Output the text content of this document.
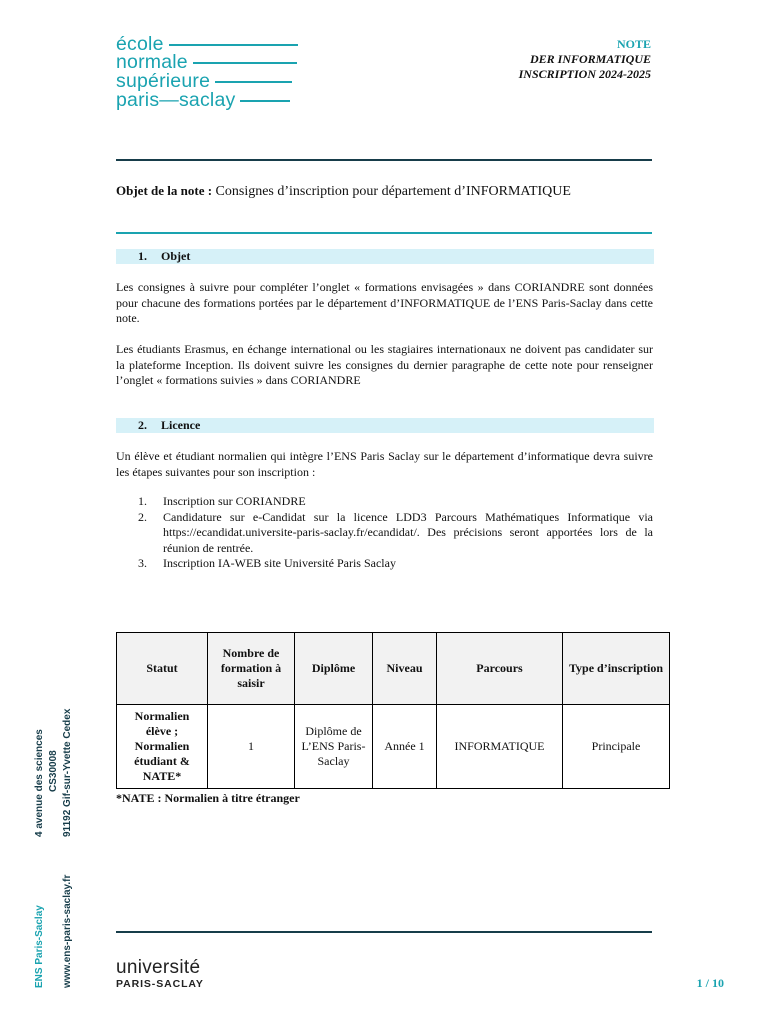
école
normale
supérieure
paris—saclay
NOTE
DER INFORMATIQUE
INSCRIPTION 2024-2025
Objet de la note : Consignes d’inscription pour département d’INFORMATIQUE
1. Objet
Les consignes à suivre pour compléter l’onglet « formations envisagées » dans CORIANDRE sont données pour chacune des formations portées par le département d’INFORMATIQUE de l’ENS Paris-Saclay dans cette note.
Les étudiants Erasmus, en échange international ou les stagiaires internationaux ne doivent pas candidater sur la plateforme Inception. Ils doivent suivre les consignes du dernier paragraphe de cette note pour renseigner l’onglet « formations suivies » dans CORIANDRE
2. Licence
Un élève et étudiant normalien qui intègre l’ENS Paris Saclay sur le département d’informatique devra suivre les étapes suivantes pour son inscription :
1. Inscription sur CORIANDRE
2. Candidature sur e-Candidat sur la licence LDD3 Parcours Mathématiques Informatique via https://ecandidat.universite-paris-saclay.fr/ecandidat/. Des précisions seront apportées lors de la réunion de rentrée.
3. Inscription IA-WEB site Université Paris Saclay
Statut	Nombre de formation à saisir	Diplôme	Niveau	Parcours	Type d’inscription
Normalien élève ; Normalien étudiant & NATE*	1	Diplôme de L’ENS Paris-Saclay	Année 1	INFORMATIQUE	Principale
*NATE : Normalien à titre étranger
4 avenue des sciences CS30008 91192 Gif-sur-Yvette Cedex
ENS Paris-Saclay www.ens-paris-saclay.fr université
PARIS-SACLAY	1 / 10
